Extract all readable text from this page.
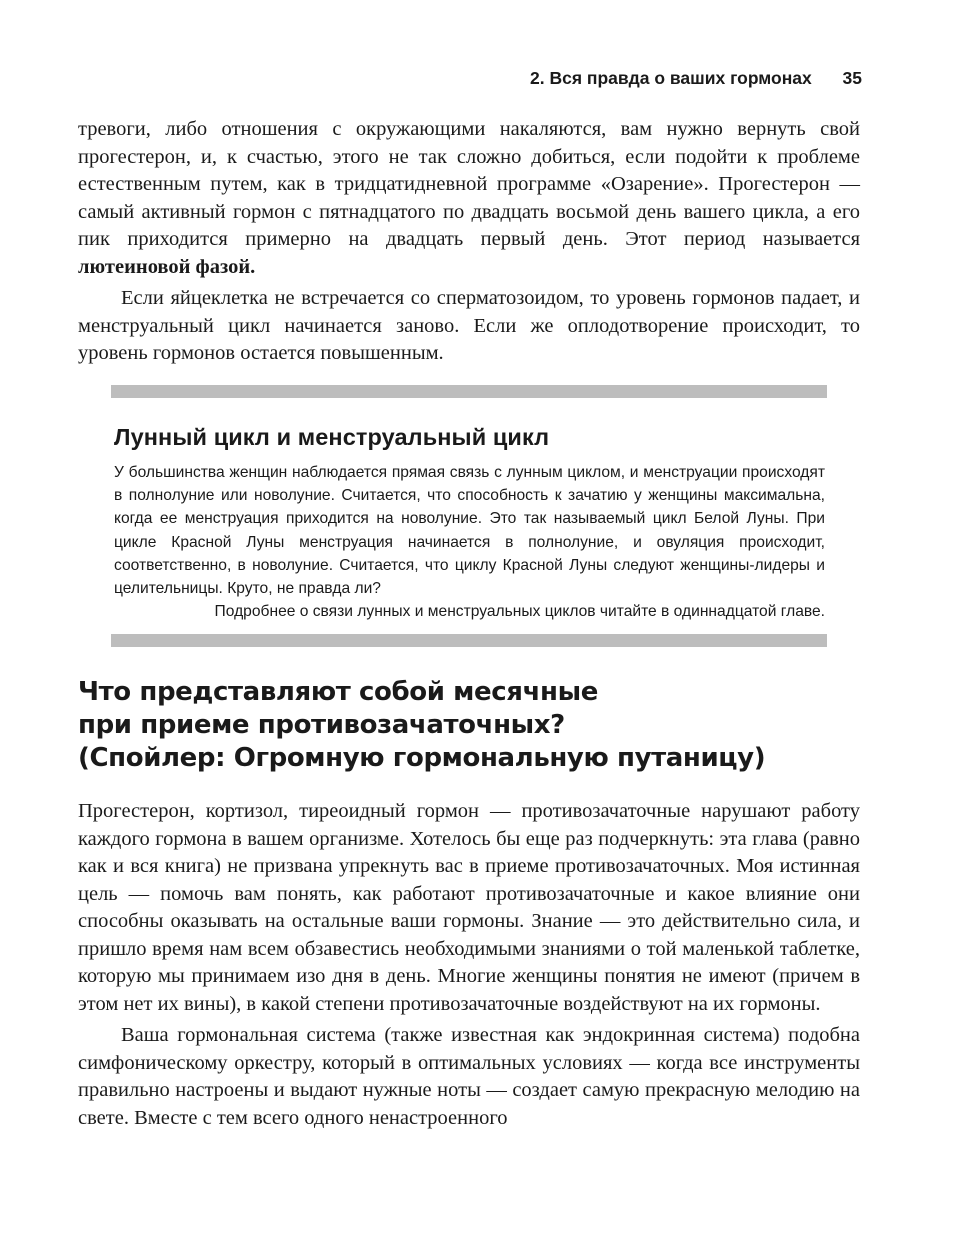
2. Вся правда о ваших гормонах 35

тревоги, либо отношения с окружающими накаляются, вам нужно вернуть свой прогестерон, и, к счастью, этого не так сложно добиться, если подойти к проблеме естественным путем, как в тридцатидневной программе «Озарение». Прогестерон — самый активный гормон с пятнадцатого по двадцать восьмой день вашего цикла, а его пик приходится примерно на двадцать первый день. Этот период называется лютеиновой фазой.

Если яйцеклетка не встречается со сперматозоидом, то уровень гормонов падает, и менструальный цикл начинается заново. Если же оплодотворение происходит, то уровень гормонов остается повышенным.

Лунный цикл и менструальный цикл

У большинства женщин наблюдается прямая связь с лунным циклом, и менструации происходят в полнолуние или новолуние. Считается, что способность к зачатию у женщины максимальна, когда ее менструация приходится на новолуние. Это так называемый цикл Белой Луны. При цикле Красной Луны менструация начинается в полнолуние, и овуляция происходит, соответственно, в новолуние. Считается, что циклу Красной Луны следуют женщины-лидеры и целительницы. Круто, не правда ли?

Подробнее о связи лунных и менструальных циклов читайте в одиннадцатой главе.

Что представляют собой месячные
при приеме противозачаточных?
(Спойлер: Огромную гормональную путаницу)

Прогестерон, кортизол, тиреоидный гормон — противозачаточные нарушают работу каждого гормона в вашем организме. Хотелось бы еще раз подчеркнуть: эта глава (равно как и вся книга) не призвана упрекнуть вас в приеме противозачаточных. Моя истинная цель — помочь вам понять, как работают противозачаточные и какое влияние они способны оказывать на остальные ваши гормоны. Знание — это действительно сила, и пришло время нам всем обзавестись необходимыми знаниями о той маленькой таблетке, которую мы принимаем изо дня в день. Многие женщины понятия не имеют (причем в этом нет их вины), в какой степени противозачаточные воздействуют на их гормоны.

Ваша гормональная система (также известная как эндокринная система) подобна симфоническому оркестру, который в оптимальных условиях — когда все инструменты правильно настроены и выдают нужные ноты — создает самую прекрасную мелодию на свете. Вместе с тем всего одного ненастроенного
